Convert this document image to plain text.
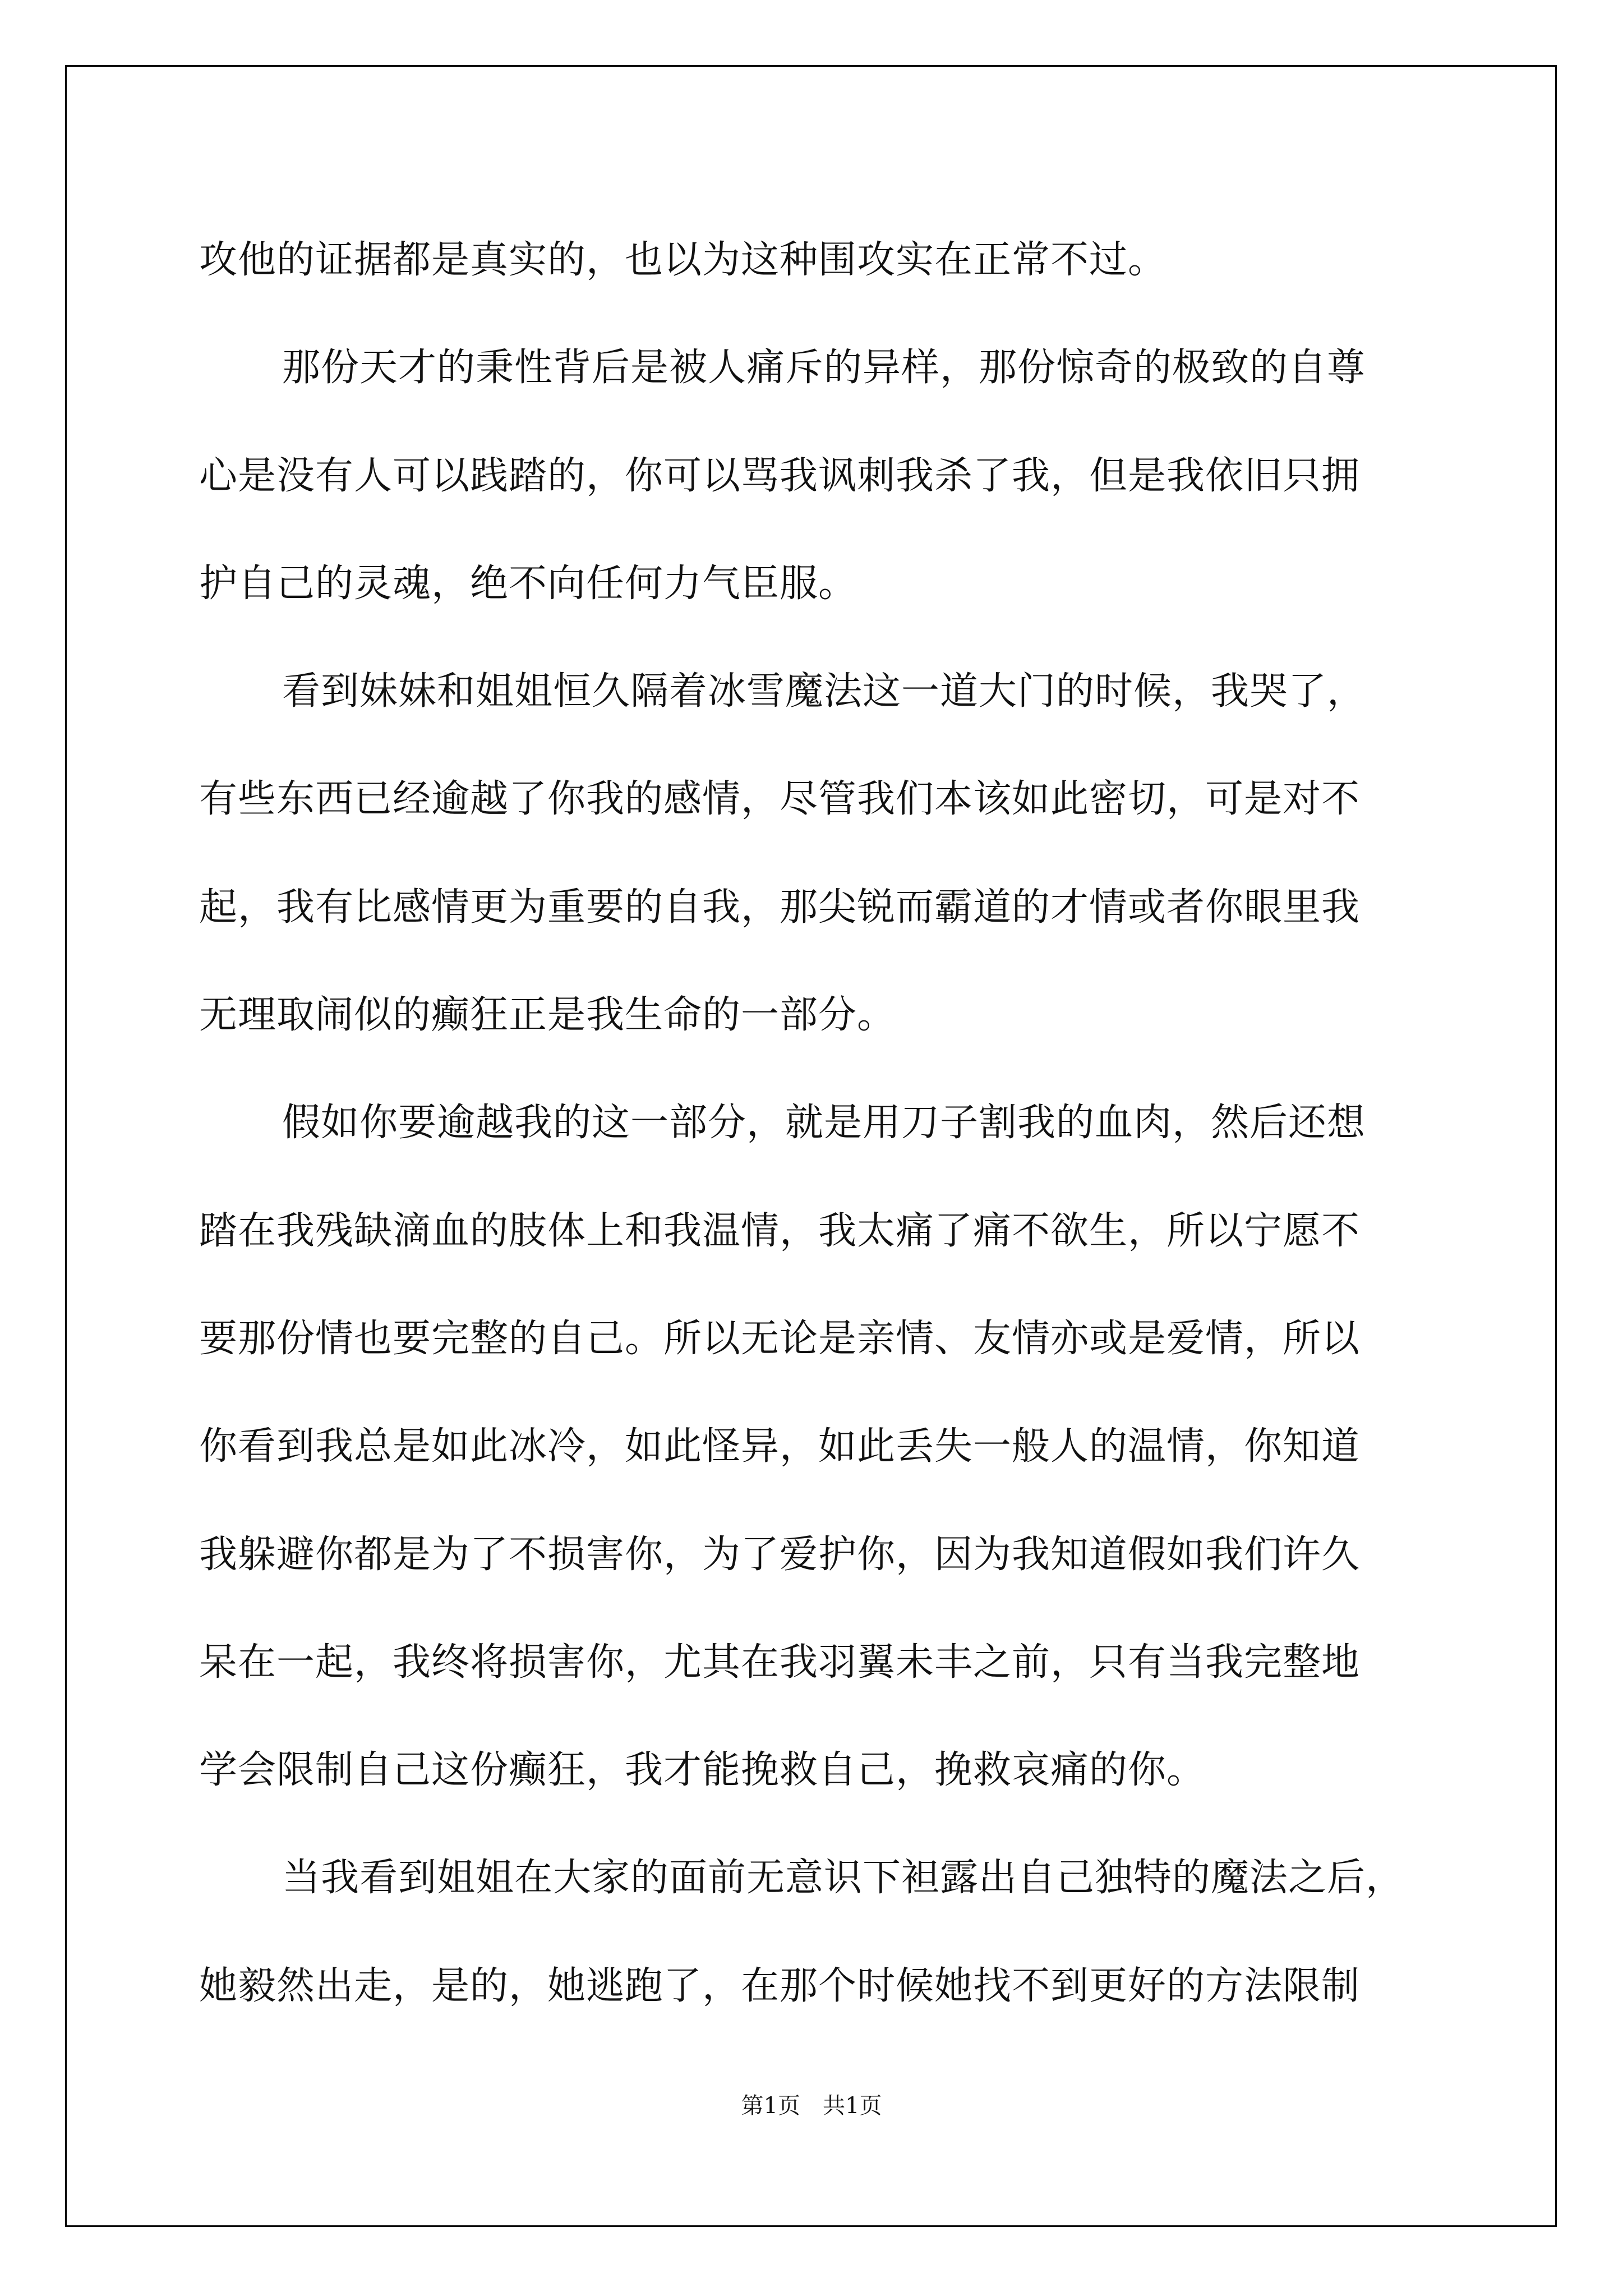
攻他的证据都是真实的，也以为这种围攻实在正常不过。
那份天才的秉性背后是被人痛斥的异样，那份惊奇的极致的自尊
心是没有人可以践踏的，你可以骂我讽刺我杀了我，但是我依旧只拥
护自己的灵魂，绝不向任何力气臣服。
看到妹妹和姐姐恒久隔着冰雪魔法这一道大门的时候，我哭了，
有些东西已经逾越了你我的感情，尽管我们本该如此密切，可是对不
起，我有比感情更为重要的自我，那尖锐而霸道的才情或者你眼里我
无理取闹似的癫狂正是我生命的一部分。
假如你要逾越我的这一部分，就是用刀子割我的血肉，然后还想
踏在我残缺滴血的肢体上和我温情，我太痛了痛不欲生，所以宁愿不
要那份情也要完整的自己。所以无论是亲情、友情亦或是爱情，所以
你看到我总是如此冰冷，如此怪异，如此丢失一般人的温情，你知道
我躲避你都是为了不损害你，为了爱护你，因为我知道假如我们许久
呆在一起，我终将损害你，尤其在我羽翼未丰之前，只有当我完整地
学会限制自己这份癫狂，我才能挽救自己，挽救哀痛的你。
当我看到姐姐在大家的面前无意识下袒露出自己独特的魔法之后，
她毅然出走，是的，她逃跑了，在那个时候她找不到更好的方法限制
第1页　共1页
